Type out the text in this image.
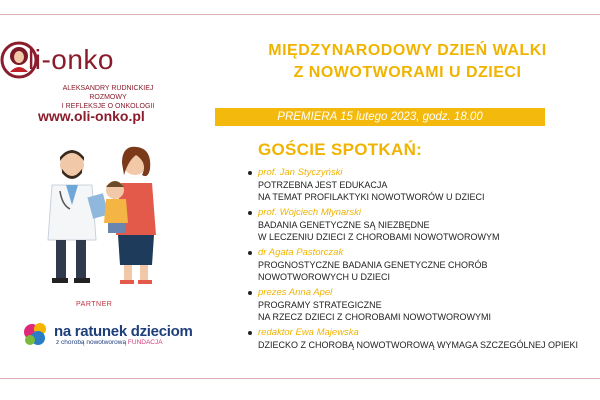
li-onko
ALEKSANDRY RUDNICKIEJ ROZMOWY
I REFLEKSJE O ONKOLOGII
www.oli-onko.pl
PARTNER
na ratunek dzieciom
z chorobą nowotworową FUNDACJA
MIĘDZYNARODOWY DZIEŃ WALKI
Z NOWOTWORAMI U DZIECI
PREMIERA 15 lutego 2023, godz. 18.00
GOŚCIE SPOTKAŃ:
prof. Jan Styczyński
POTRZEBNA JEST EDUKACJA
NA TEMAT PROFILAKTYKI NOWOTWORÓW U DZIECI
prof. Wojciech Młynarski
BADANIA GENETYCZNE SĄ NIEZBĘDNE
W LECZENIU DZIECI Z CHOROBAMI NOWOTWOROWYM
dr Agata Pastorczak
PROGNOSTYCZNE BADANIA GENETYCZNE CHORÓB
NOWOTWOROWYCH U DZIECI
prezes Anna Apel
PROGRAMY STRATEGICZNE
NA RZECZ DZIECI Z CHOROBAMI NOWOTWOROWYMI
redaktor Ewa Majewska
DZIECKO Z CHOROBĄ NOWOTWOROWĄ WYMAGA SZCZEGÓLNEJ OPIEKI
